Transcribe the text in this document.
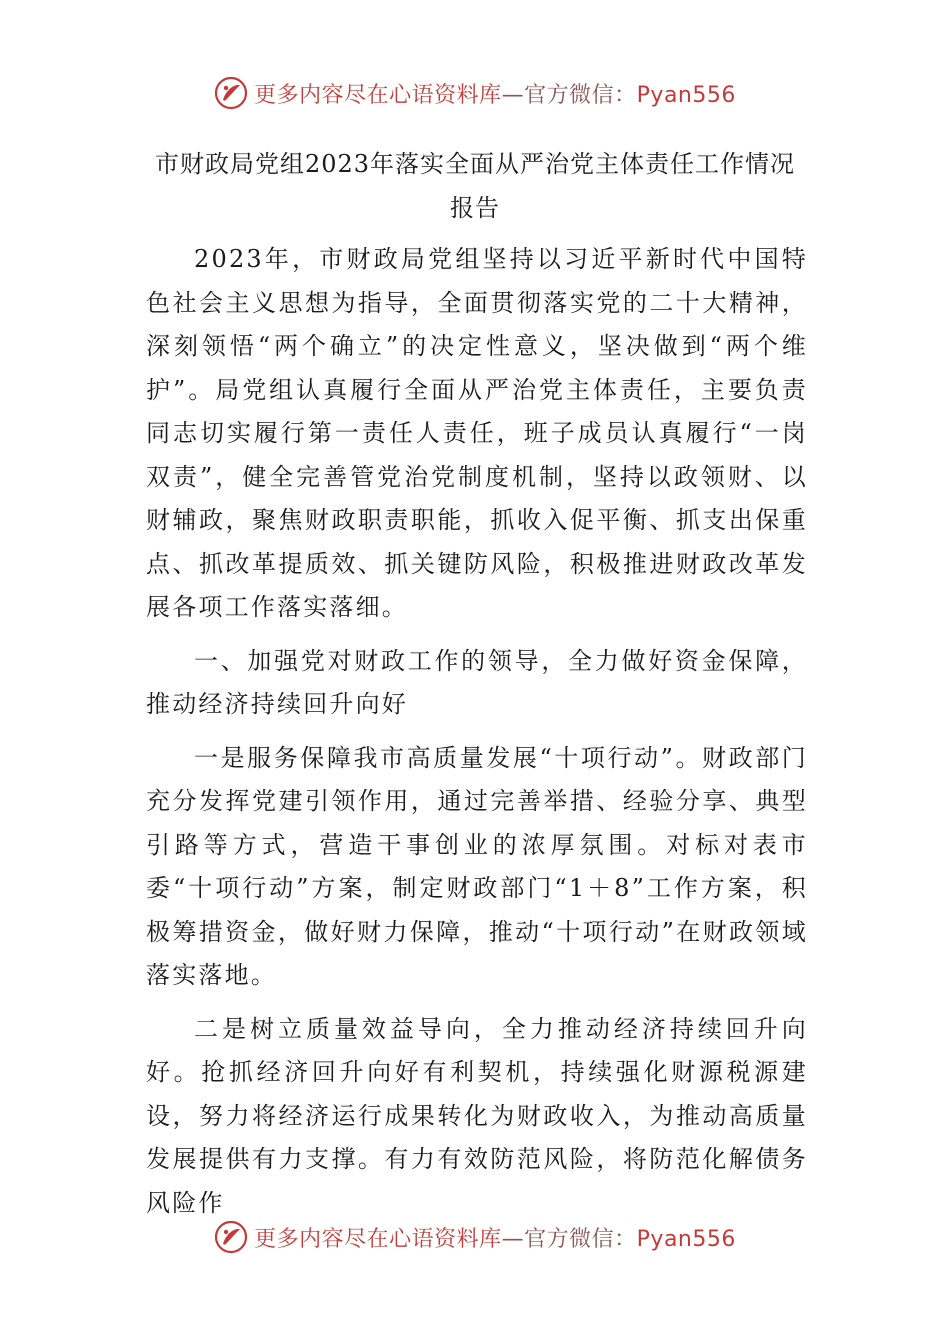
更多内容尽在心语资料库—官方微信：Pyan556
市财政局党组2023年落实全面从严治党主体责任工作情况
报告

2023年，市财政局党组坚持以习近平新时代中国特色社会主义思想为指导，全面贯彻落实党的二十大精神，深刻领悟“两个确立”的决定性意义，坚决做到“两个维护”。局党组认真履行全面从严治党主体责任，主要负责同志切实履行第一责任人责任，班子成员认真履行“一岗双责”，健全完善管党治党制度机制，坚持以政领财、以财辅政，聚焦财政职责职能，抓收入促平衡、抓支出保重点、抓改革提质效、抓关键防风险，积极推进财政改革发展各项工作落实落细。

一、加强党对财政工作的领导，全力做好资金保障，推动经济持续回升向好

一是服务保障我市高质量发展“十项行动”。财政部门充分发挥党建引领作用，通过完善举措、经验分享、典型引路等方式，营造干事创业的浓厚氛围。对标对表市委“十项行动”方案，制定财政部门“1＋8”工作方案，积极筹措资金，做好财力保障，推动“十项行动”在财政领域落实落地。

二是树立质量效益导向，全力推动经济持续回升向好。抢抓经济回升向好有利契机，持续强化财源税源建设，努力将经济运行成果转化为财政收入，为推动高质量发展提供有力支撑。有力有效防范风险，将防范化解债务风险作

更多内容尽在心语资料库—官方微信：Pyan556
